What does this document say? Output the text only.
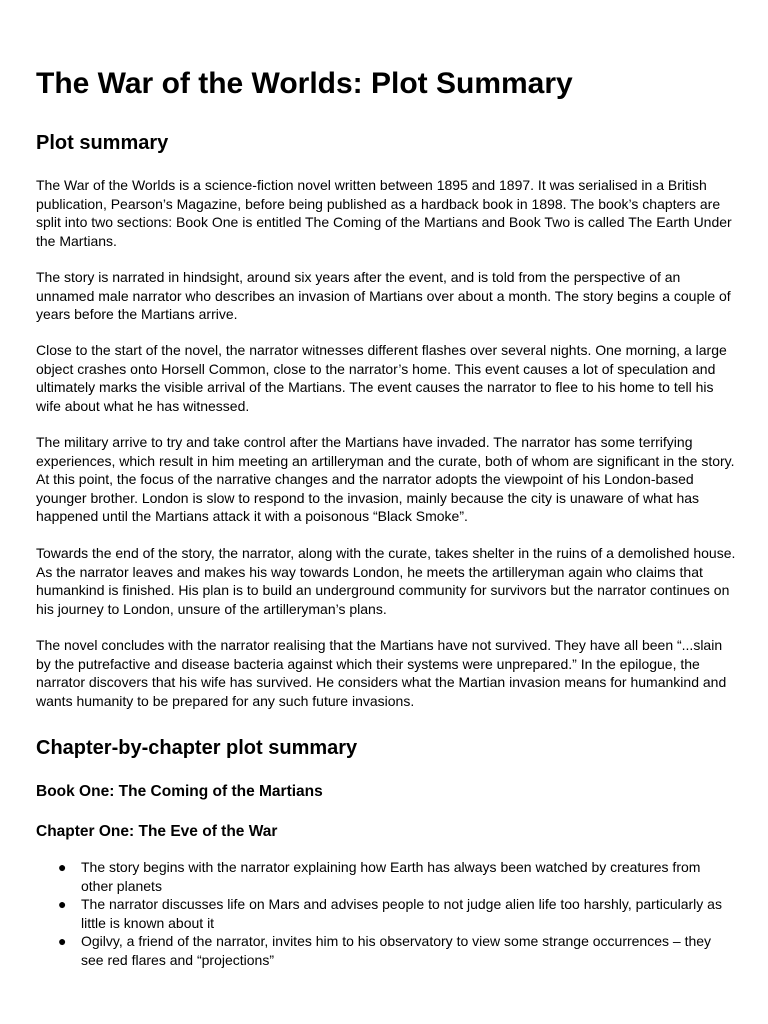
The War of the Worlds: Plot Summary
Plot summary

The War of the Worlds is a science-fiction novel written between 1895 and 1897. It was serialised in a British publication, Pearson’s Magazine, before being published as a hardback book in 1898. The book’s chapters are split into two sections: Book One is entitled The Coming of the Martians and Book Two is called The Earth Under the Martians.

The story is narrated in hindsight, around six years after the event, and is told from the perspective of an unnamed male narrator who describes an invasion of Martians over about a month. The story begins a couple of years before the Martians arrive.

Close to the start of the novel, the narrator witnesses different flashes over several nights. One morning, a large object crashes onto Horsell Common, close to the narrator’s home. This event causes a lot of speculation and ultimately marks the visible arrival of the Martians. The event causes the narrator to flee to his home to tell his wife about what he has witnessed.

The military arrive to try and take control after the Martians have invaded. The narrator has some terrifying experiences, which result in him meeting an artilleryman and the curate, both of whom are significant in the story. At this point, the focus of the narrative changes and the narrator adopts the viewpoint of his London-based younger brother. London is slow to respond to the invasion, mainly because the city is unaware of what has happened until the Martians attack it with a poisonous “Black Smoke”.

Towards the end of the story, the narrator, along with the curate, takes shelter in the ruins of a demolished house. As the narrator leaves and makes his way towards London, he meets the artilleryman again who claims that humankind is finished. His plan is to build an underground community for survivors but the narrator continues on his journey to London, unsure of the artilleryman’s plans.

The novel concludes with the narrator realising that the Martians have not survived. They have all been “...slain by the putrefactive and disease bacteria against which their systems were unprepared.” In the epilogue, the narrator discovers that his wife has survived. He considers what the Martian invasion means for humankind and wants humanity to be prepared for any such future invasions.

Chapter-by-chapter plot summary
Book One: The Coming of the Martians
Chapter One: The Eve of the War
● The story begins with the narrator explaining how Earth has always been watched by creatures from other planets
● The narrator discusses life on Mars and advises people to not judge alien life too harshly, particularly as little is known about it
● Ogilvy, a friend of the narrator, invites him to his observatory to view some strange occurrences – they see red flares and “projections”
